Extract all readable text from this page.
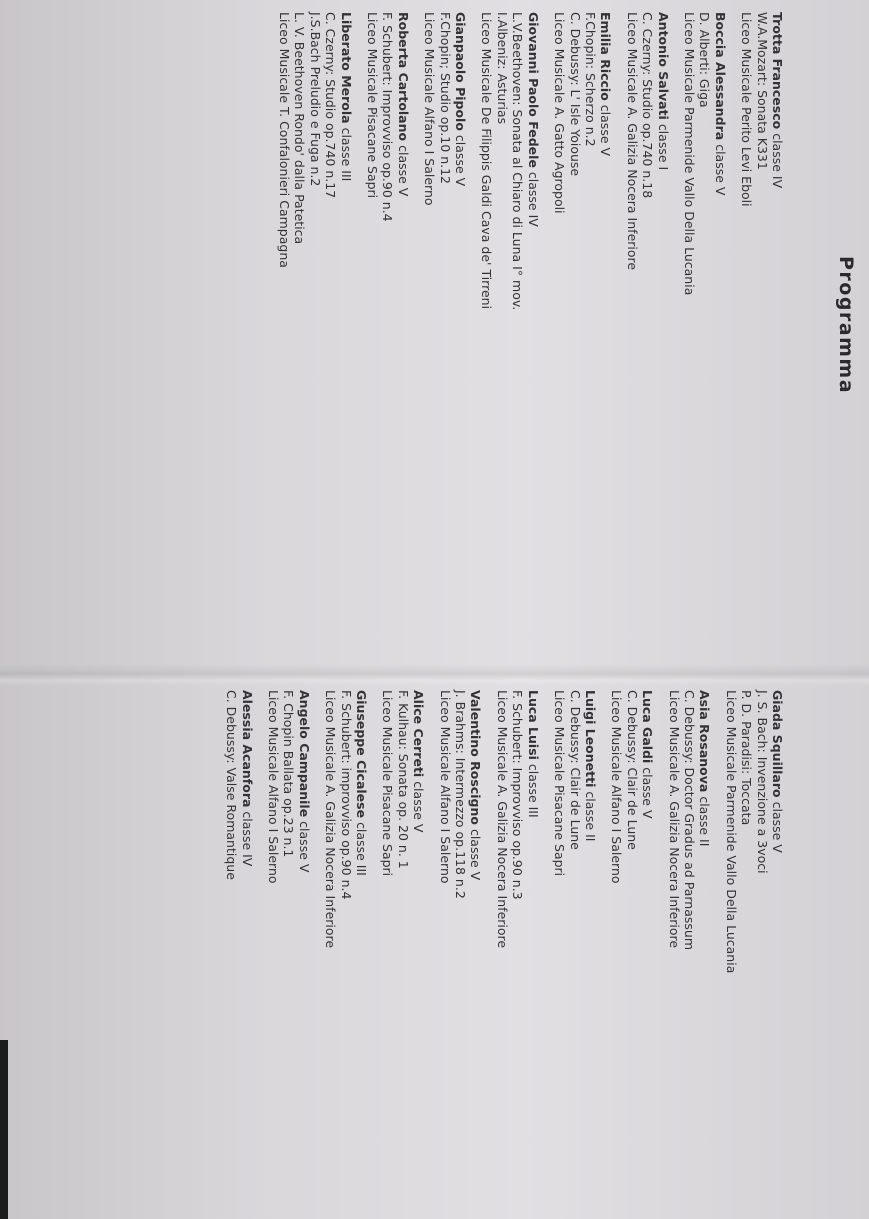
Programma
Trotta Francesco classe IV
W.A.Mozart: Sonata K331
Liceo Musicale Perito Levi Eboli
Boccia Alessandra classe V
D. Alberti: Giga
Liceo Musicale Parmenide Vallo Della Lucania
Antonio Salvati classe I
C. Czerny: Studio op.740 n.18
Liceo Musicale A. Galizia Nocera Inferiore
Emilia Riccio classe V
F.Chopin: Scherzo n.2
C. Debussy: L' Isle Yoiouse
Liceo Musicale A. Gatto Agropoli
Giovanni Paolo Fedele classe IV
L.V.Beethoven: Sonata al Chiaro di Luna I° mov.
I.Albeniz: Asturias
Liceo Musicale De Filippis Galdi Cava de' Tirreni
Gianpaolo Pipolo classe V
F.Chopin; Studio op.10 n.12
Liceo Musicale Alfano I Salerno
Roberta Cartolano classe V
F. Schubert: Improvviso op.90 n.4
Liceo Musicale Pisacane Sapri
Liberato Merola classe III
C. Czerny: Studio op.740 n.17
J.S.Bach Preludio e Fuga n.2
L. V. Beethoven Rondo' dalla Patetica
Liceo Musicale T. Confalonieri Campagna
Giada Squillaro classe V
J. S. Bach: Invenzione a 3voci
P. D. Paradisi: Toccata
Liceo Musicale Parmenide Vallo Della Lucania
Asia Rosanova classe II
C. Debussy: Doctor Gradus ad Parnassum
Liceo Musicale A. Galizia Nocera Inferiore
Luca Galdi classe V
C. Debussy: Clair de Lune
Liceo Musicale Alfano I Salerno
Luigi Leonetti classe II
C. Debussy: Clair de Lune
Liceo Musicale Pisacane Sapri
Luca Luisi classe III
F. Schubert: Improvviso op.90 n.3
Liceo Musicale A. Galizia Nocera Inferiore
Valentino Roscigno classe V
J. Brahms: Intermezzo op.118 n.2
Liceo Musicale Alfano I Salerno
Alice Cerreti classe V
F. Kulhau: Sonata op. 20 n. 1
Liceo Musicale Pisacane Sapri
Giuseppe Cicalese classe III
F. Schubert: improvviso op.90 n.4
Liceo Musicale A. Galizia Nocera Inferiore
Angelo Campanile classe V
F. Chopin Ballata op.23 n.1
Liceo Musicale Alfano I Salerno
Alessia Acanfora classe IV
C. Debussy: Valse Romantique
